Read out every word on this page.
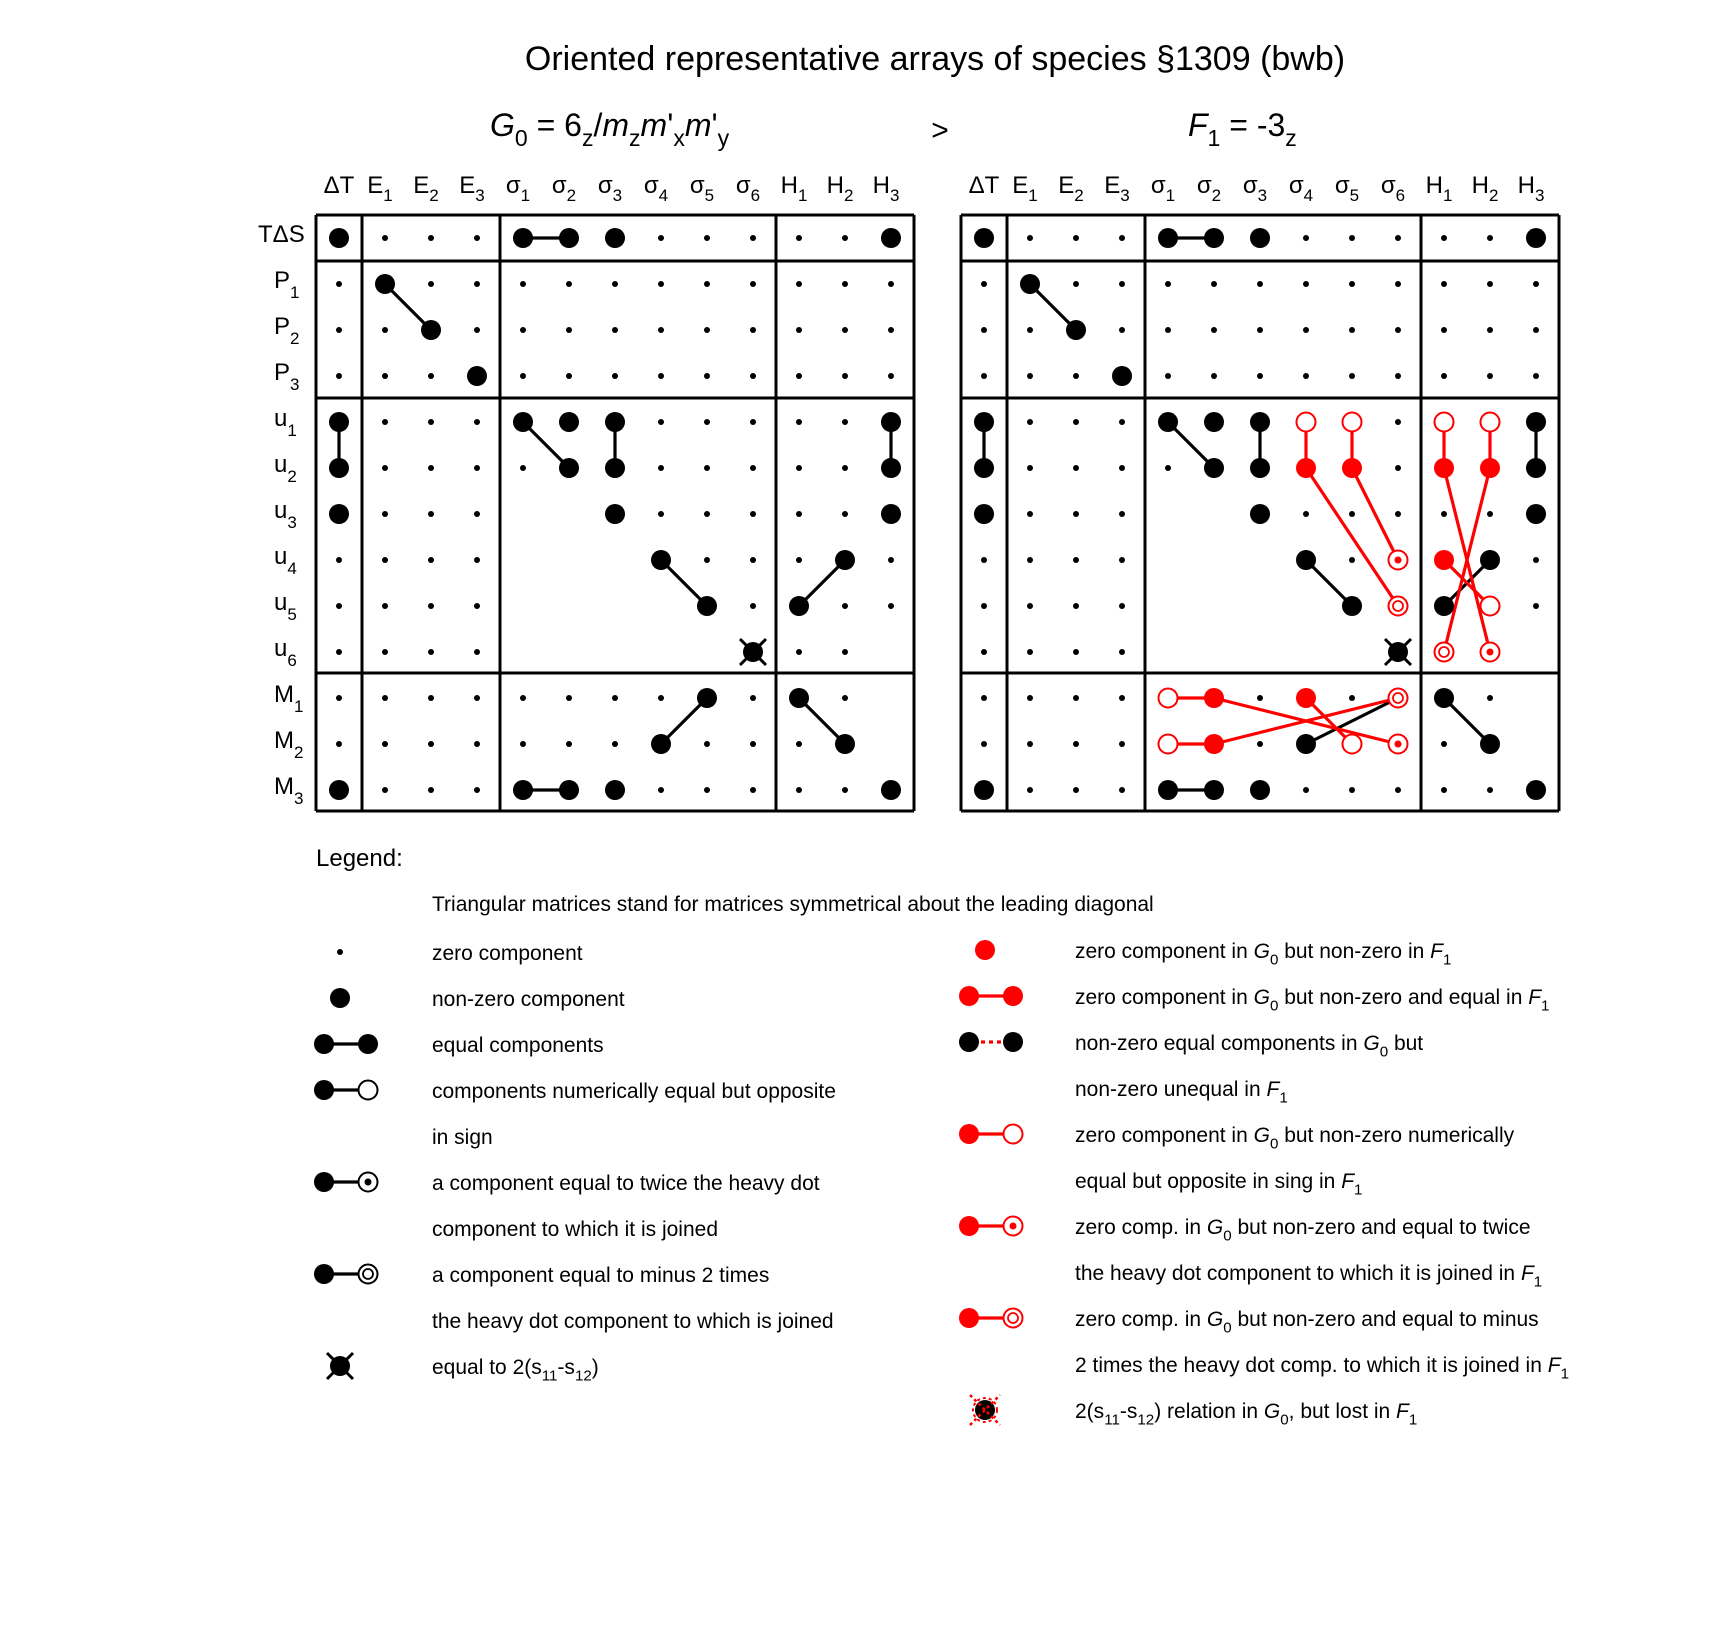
Oriented representative arrays of species §1309 (bwb)
$G_0 = 6_z/m_zm'_xm'_y$	>	$F_1 = -3_z$
ΔT $E_1$ $E_2$ $E_3$ $\sigma_1$ $\sigma_2$ $\sigma_3$ $\sigma_4$ $\sigma_5$ $\sigma_6$ $H_1$ $H_2$ $H_3$
TΔS
$P_1$
$P_2$
$P_3$
$u_1$
$u_2$
$u_3$
$u_4$
$u_5$
$u_6$
$M_1$
$M_2$
$M_3$
ΔT $E_1$ $E_2$ $E_3$ $\sigma_1$ $\sigma_2$ $\sigma_3$ $\sigma_4$ $\sigma_5$ $\sigma_6$ $H_1$ $H_2$ $H_3$
Legend:
Triangular matrices stand for matrices symmetrical about the leading diagonal
zero component
non-zero component
equal components
components numerically equal but opposite
in sign
a component equal to twice the heavy dot
component to which it is joined
a component equal to minus 2 times
the heavy dot component to which is joined
equal to $2(s_{11}-s_{12})$
zero component in $G_0$ but non-zero in $F_1$
zero component in $G_0$ but non-zero and equal in $F_1$
non-zero equal components in $G_0$ but
non-zero unequal in $F_1$
zero component in $G_0$ but non-zero numerically
equal but opposite in sing in $F_1$
zero comp. in $G_0$ but non-zero and equal to twice
the heavy dot component to which it is joined in $F_1$
zero comp. in $G_0$ but non-zero and equal to minus
2 times the heavy dot comp. to which it is joined in $F_1$
$2(s_{11}-s_{12})$ relation in $G_0$, but lost in $F_1$
